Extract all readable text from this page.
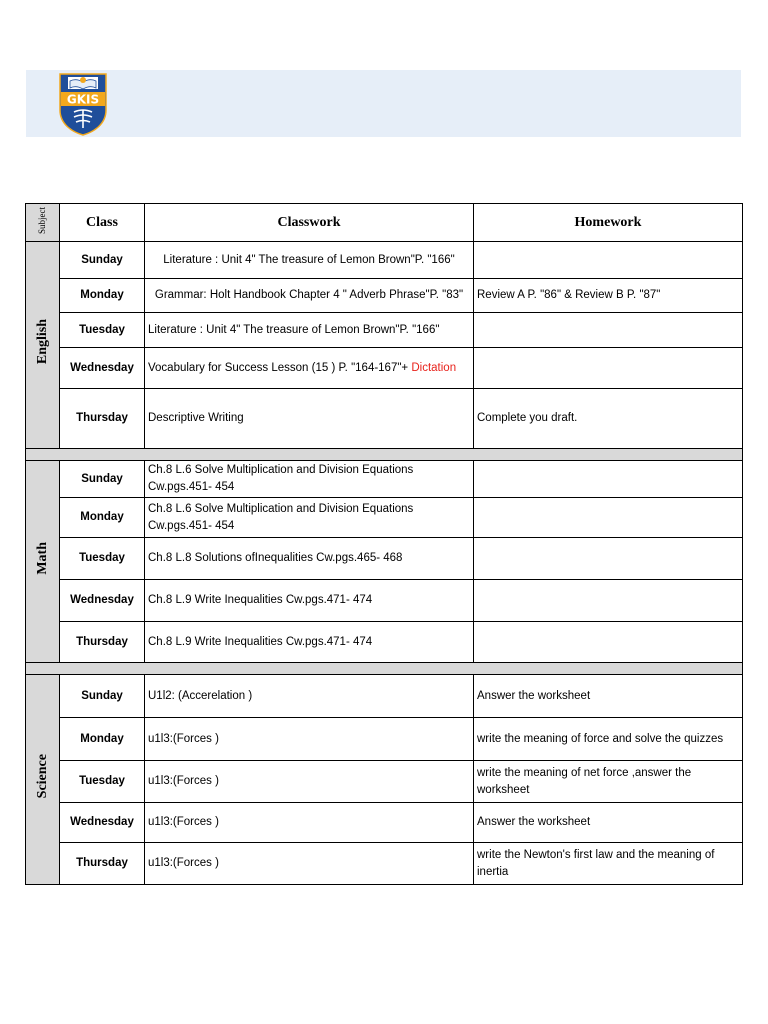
GKIS
Subject	Class	Classwork	Homework
English	Sunday	Literature : Unit 4" The treasure of Lemon Brown"P. "166"	
	Monday	Grammar: Holt Handbook Chapter 4 " Adverb Phrase"P. "83"	Review A P. "86" & Review B P. "87"
	Tuesday	Literature : Unit 4" The treasure of Lemon Brown"P. "166"	
	Wednesday	Vocabulary for Success Lesson (15 ) P. "164-167"+ Dictation	
	Thursday	Descriptive Writing	Complete you draft.

Math	Sunday	Ch.8 L.6 Solve Multiplication and Division Equations
Cw.pgs.451- 454	

	Monday	Ch.8 L.6 Solve Multiplication and Division Equations
Cw.pgs.451- 454	

	Tuesday	Ch.8 L.8 Solutions ofInequalities Cw.pgs.465- 468	
	Wednesday	Ch.8 L.9 Write Inequalities Cw.pgs.471- 474	
	Thursday	Ch.8 L.9 Write Inequalities Cw.pgs.471- 474	

Science	Sunday	U1l2: (Accerelation )	Answer the worksheet
	Monday	u1l3:(Forces )	write the meaning of force and solve the quizzes
	Tuesday	u1l3:(Forces )	write the meaning of net force ,answer the
worksheet

	Wednesday	u1l3:(Forces )	Answer the worksheet
	Thursday	u1l3:(Forces )	write the Newton's first law and the meaning of
inertia
